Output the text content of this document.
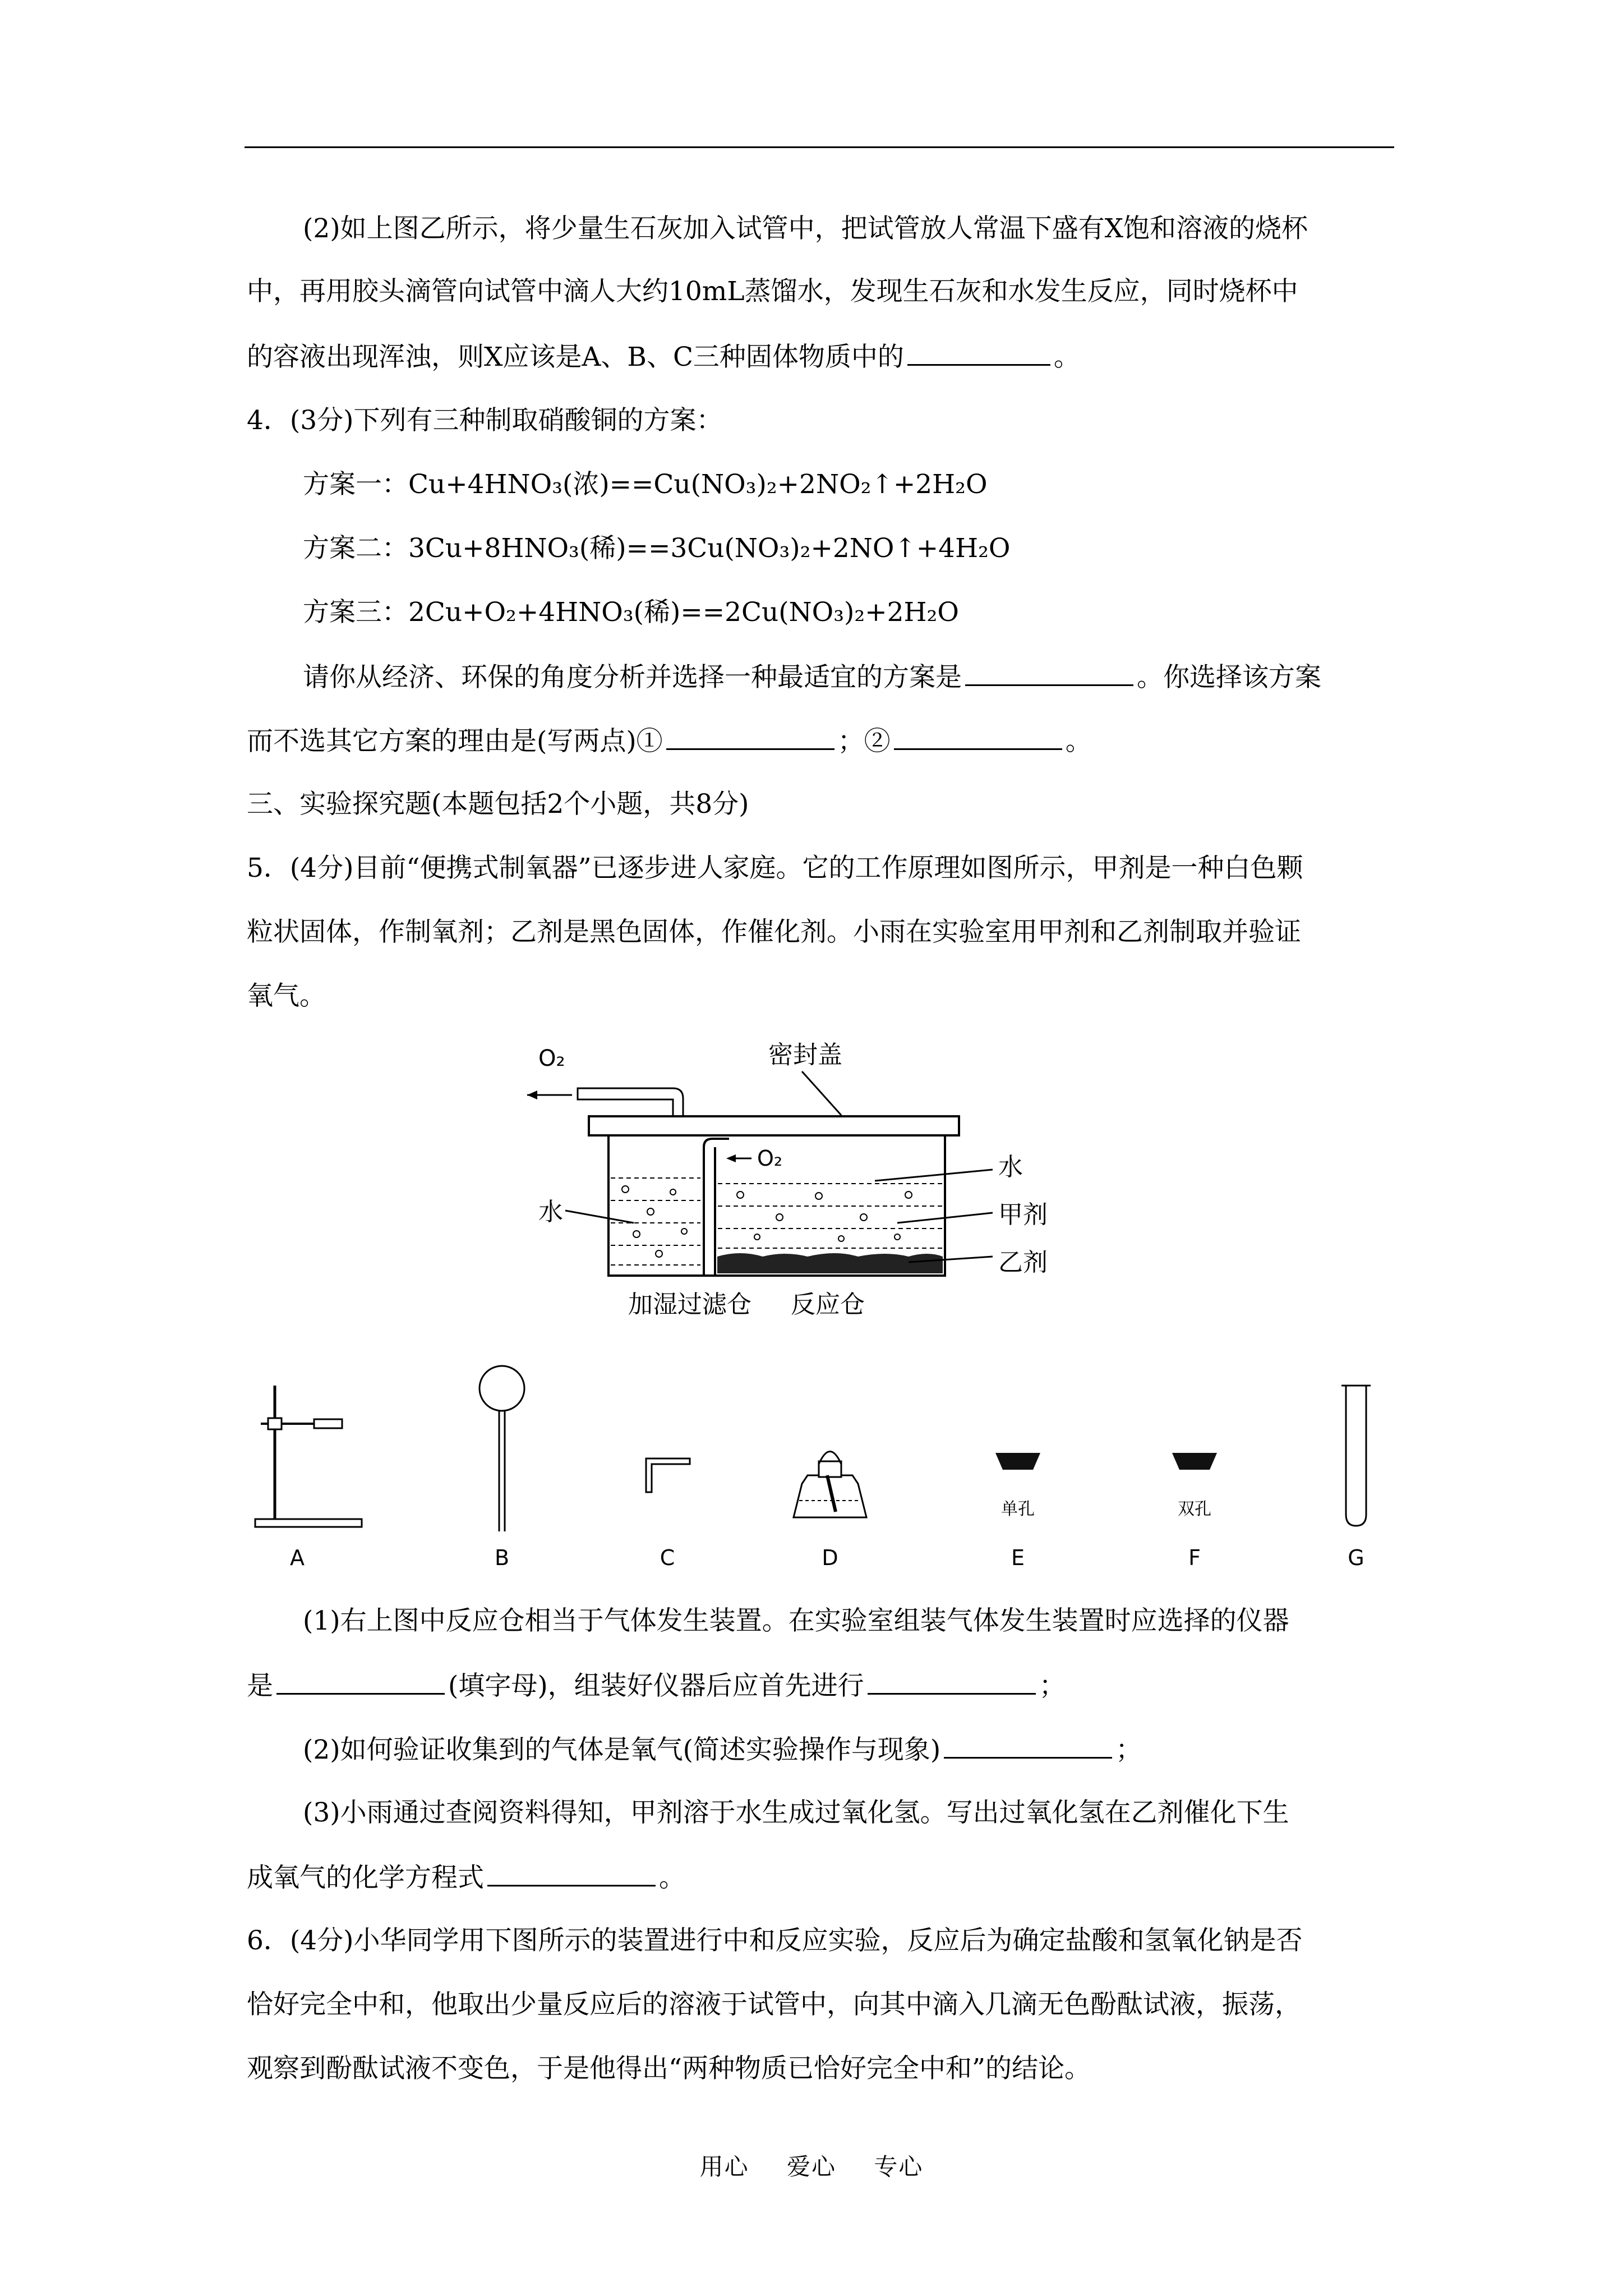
(2)如上图乙所示，将少量生石灰加入试管中，把试管放人常温下盛有X饱和溶液的烧杯
中，再用胶头滴管向试管中滴人大约10mL蒸馏水，发现生石灰和水发生反应，同时烧杯中
的容液出现浑浊，则X应该是A、B、C三种固体物质中的	。
4．(3分)下列有三种制取硝酸铜的方案：
方案一：Cu+4HNO₃(浓)==Cu(NO₃)₂+2NO₂↑+2H₂O
方案二：3Cu+8HNO₃(稀)==3Cu(NO₃)₂+2NO↑+4H₂O
方案三：2Cu+O₂+4HNO₃(稀)==2Cu(NO₃)₂+2H₂O
请你从经济、环保的角度分析并选择一种最适宜的方案是	。你选择该方案
而不选其它方案的理由是(写两点)①	；②	。
三、实验探究题(本题包括2个小题，共8分)
5．(4分)目前“便携式制氧器”已逐步进人家庭。它的工作原理如图所示，甲剂是一种白色颗
粒状固体，作制氧剂；乙剂是黑色固体，作催化剂。小雨在实验室用甲剂和乙剂制取并验证
氧气。
O₂	密封盖
O₂	水
甲剂
乙剂
水
加湿过滤仓 反应仓
A	B	C	D
单孔
E
双孔
F	G
(1)右上图中反应仓相当于气体发生装置。在实验室组装气体发生装置时应选择的仪器
是	(填字母)，组装好仪器后应首先进行	；
(2)如何验证收集到的气体是氧气(简述实验操作与现象)	；
(3)小雨通过查阅资料得知，甲剂溶于水生成过氧化氢。写出过氧化氢在乙剂催化下生
成氧气的化学方程式	。
6．(4分)小华同学用下图所示的装置进行中和反应实验，反应后为确定盐酸和氢氧化钠是否
恰好完全中和，他取出少量反应后的溶液于试管中，向其中滴入几滴无色酚酞试液，振荡，
观察到酚酞试液不变色，于是他得出“两种物质已恰好完全中和”的结论。
用心 爱心 专心
